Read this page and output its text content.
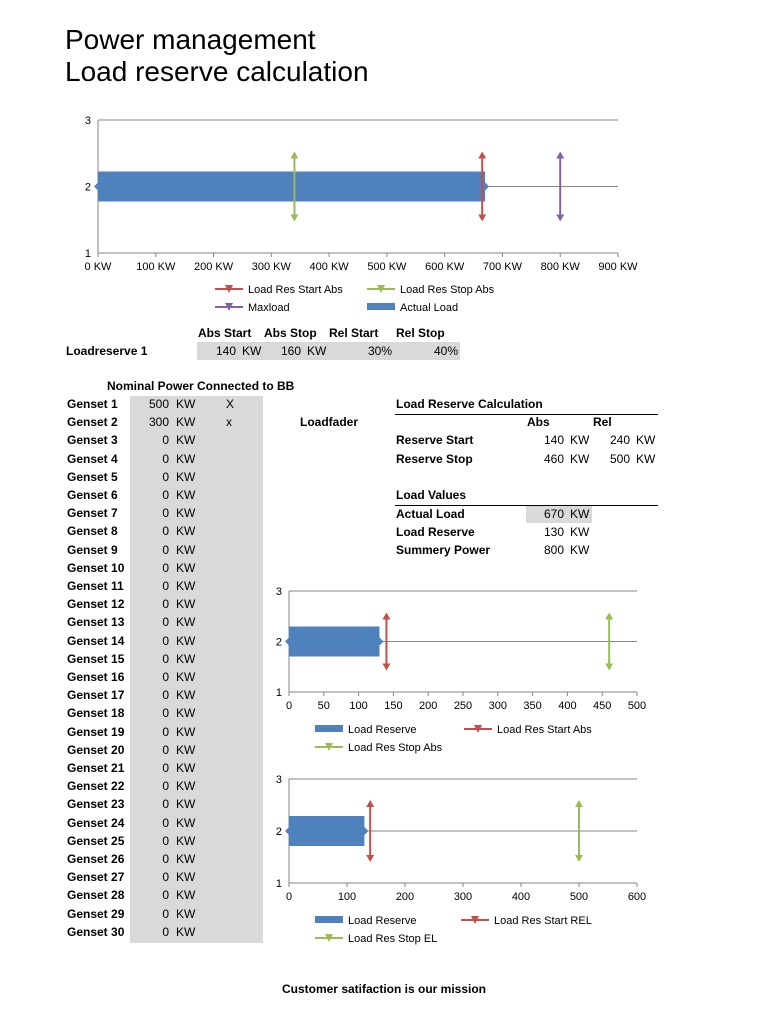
Power management
Load reserve calculation
1
2
3
0 KW 100 KW 200 KW 300 KW 400 KW 500 KW 600 KW 700 KW 800 KW 900 KW
Load Res Start Abs	Load Res Stop Abs
Maxload	Actual Load
Abs Start Abs Stop Rel Start Rel Stop
Loadreserve 1	140 KW	160 KW	30%	40%
Nominal Power Connected to BB
Genset 1	500 KW	X
Genset 2	300 KW	x
Genset 3	0 KW
Genset 4	0 KW
Genset 5	0 KW
Genset 6	0 KW
Genset 7	0 KW
Genset 8	0 KW
Genset 9	0 KW
Genset 10	0 KW
Genset 11	0 KW
Genset 12	0 KW
Genset 13	0 KW
Genset 14	0 KW
Genset 15	0 KW
Genset 16	0 KW
Genset 17	0 KW
Genset 18	0 KW
Genset 19	0 KW
Genset 20	0 KW
Genset 21	0 KW
Genset 22	0 KW
Genset 23	0 KW
Genset 24	0 KW
Genset 25	0 KW
Genset 26	0 KW
Genset 27	0 KW
Genset 28	0 KW
Genset 29	0 KW
Genset 30	0 KW
Loadfader
Load Reserve Calculation
Abs	Rel
Reserve Start	140 KW	240 KW
Reserve Stop	460 KW	500 KW
Load Values
Actual Load	670 KW
Load Reserve	130 KW
Summery Power	800 KW
1
2
3
0 50 100 150 200 250 300 350 400 450 500
Load Reserve	Load Res Start Abs
Load Res Stop Abs
1
2
3
0	100	200	300	400	500	600
Load Reserve	Load Res Start REL
Load Res Stop EL
Customer satifaction is our mission
